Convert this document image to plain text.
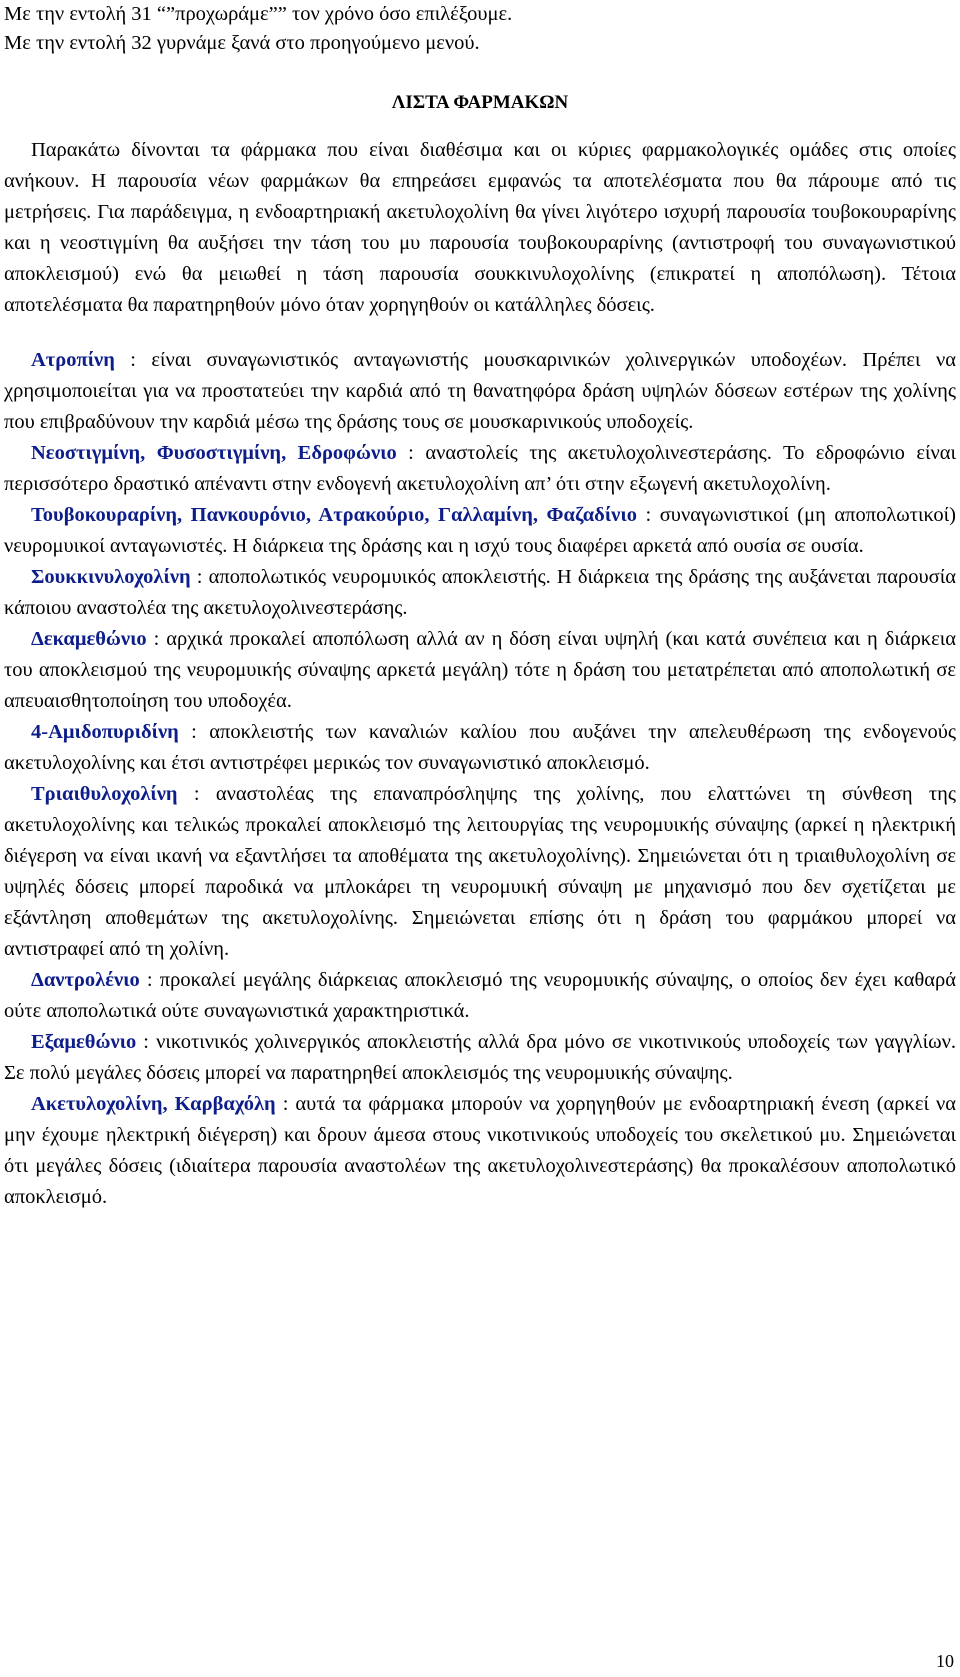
Με την εντολή 31 “”προχωράμε”” τον χρόνο όσο επιλέξουμε.
Με την εντολή 32 γυρνάμε ξανά στο προηγούμενο μενού.
ΛΙΣΤΑ ΦΑΡΜΑΚΩΝ

Παρακάτω δίνονται τα φάρμακα που είναι διαθέσιμα και οι κύριες φαρμακολογικές ομάδες στις οποίες ανήκουν. Η παρουσία νέων φαρμάκων θα επηρεάσει εμφανώς τα αποτελέσματα που θα πάρουμε από τις μετρήσεις. Για παράδειγμα, η ενδοαρτηριακή ακετυλοχολίνη θα γίνει λιγότερο ισχυρή παρουσία τουβοκουραρίνης και η νεοστιγμίνη θα αυξήσει την τάση του μυ παρουσία τουβοκουραρίνης (αντιστροφή του συναγωνιστικού αποκλεισμού) ενώ θα μειωθεί η τάση παρουσία σουκκινυλοχολίνης (επικρατεί η αποπόλωση). Τέτοια αποτελέσματα θα παρατηρηθούν μόνο όταν χορηγηθούν οι κατάλληλες δόσεις.

Ατροπίνη : είναι συναγωνιστικός ανταγωνιστής μουσκαρινικών χολινεργικών υποδοχέων. Πρέπει να χρησιμοποιείται για να προστατεύει την καρδιά από τη θανατηφόρα δράση υψηλών δόσεων εστέρων της χολίνης που επιβραδύνουν την καρδιά μέσω της δράσης τους σε μουσκαρινικούς υποδοχείς.

Νεοστιγμίνη, Φυσοστιγμίνη, Εδροφώνιο : αναστολείς της ακετυλοχολινεστεράσης. Το εδροφώνιο είναι περισσότερο δραστικό απέναντι στην ενδογενή ακετυλοχολίνη απ’ ότι στην εξωγενή ακετυλοχολίνη.

Τουβοκουραρίνη, Πανκουρόνιο, Ατρακούριο, Γαλλαμίνη, Φαζαδίνιο : συναγωνιστικοί (μη αποπολωτικοί) νευρομυικοί ανταγωνιστές. Η διάρκεια της δράσης και η ισχύ τους διαφέρει αρκετά από ουσία σε ουσία.

Σουκκινυλοχολίνη : αποπολωτικός νευρομυικός αποκλειστής. Η διάρκεια της δράσης της αυξάνεται παρουσία κάποιου αναστολέα της ακετυλοχολινεστεράσης.

Δεκαμεθώνιο : αρχικά προκαλεί αποπόλωση αλλά αν η δόση είναι υψηλή (και κατά συνέπεια και η διάρκεια του αποκλεισμού της νευρομυικής σύναψης αρκετά μεγάλη) τότε η δράση του μετατρέπεται από αποπολωτική σε απευαισθητοποίηση του υποδοχέα.

4-Αμιδοπυριδίνη : αποκλειστής των καναλιών καλίου που αυξάνει την απελευθέρωση της ενδογενούς ακετυλοχολίνης και έτσι αντιστρέφει μερικώς τον συναγωνιστικό αποκλεισμό.

Τριαιθυλοχολίνη : αναστολέας της επαναπρόσληψης της χολίνης, που ελαττώνει τη σύνθεση της ακετυλοχολίνης και τελικώς προκαλεί αποκλεισμό της λειτουργίας της νευρομυικής σύναψης (αρκεί η ηλεκτρική διέγερση να είναι ικανή να εξαντλήσει τα αποθέματα της ακετυλοχολίνης). Σημειώνεται ότι η τριαιθυλοχολίνη σε υψηλές δόσεις μπορεί παροδικά να μπλοκάρει τη νευρομυική σύναψη με μηχανισμό που δεν σχετίζεται με εξάντληση αποθεμάτων της ακετυλοχολίνης. Σημειώνεται επίσης ότι η δράση του φαρμάκου μπορεί να αντιστραφεί από τη χολίνη.

Δαντρολένιο : προκαλεί μεγάλης διάρκειας αποκλεισμό της νευρομυικής σύναψης, ο οποίος δεν έχει καθαρά ούτε αποπολωτικά ούτε συναγωνιστικά χαρακτηριστικά.

Εξαμεθώνιο : νικοτινικός χολινεργικός αποκλειστής αλλά δρα μόνο σε νικοτινικούς υποδοχείς των γαγγλίων. Σε πολύ μεγάλες δόσεις μπορεί να παρατηρηθεί αποκλεισμός της νευρομυικής σύναψης.

Ακετυλοχολίνη, Καρβαχόλη : αυτά τα φάρμακα μπορούν να χορηγηθούν με ενδοαρτηριακή ένεση (αρκεί να μην έχουμε ηλεκτρική διέγερση) και δρουν άμεσα στους νικοτινικούς υποδοχείς του σκελετικού μυ. Σημειώνεται ότι μεγάλες δόσεις (ιδιαίτερα παρουσία αναστολέων της ακετυλοχολινεστεράσης) θα προκαλέσουν αποπολωτικό αποκλεισμό.

10
